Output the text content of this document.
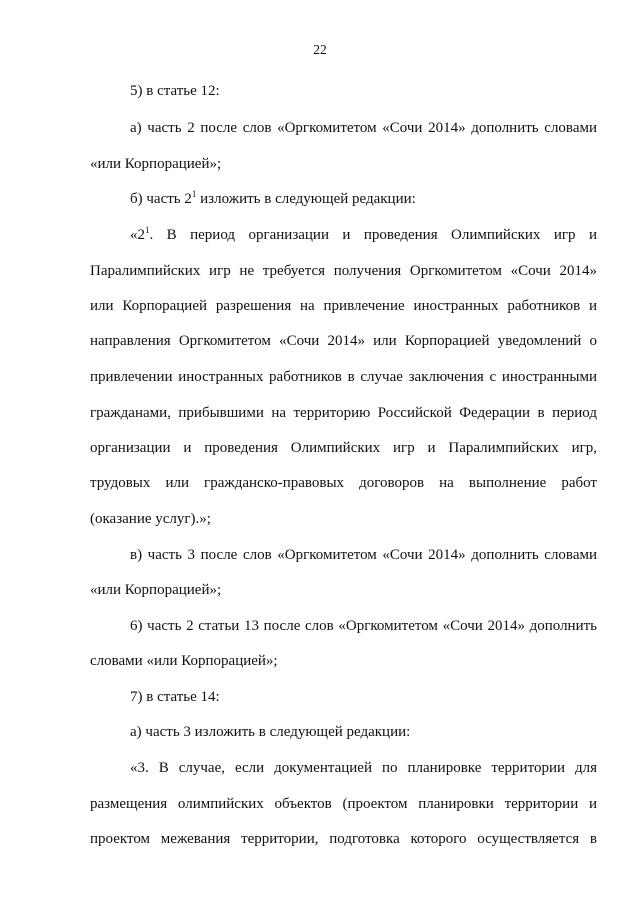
22
5) в статье 12:
а) часть 2 после слов «Оргкомитетом «Сочи 2014» дополнить словами
«или Корпорацией»;
б) часть $2^1$ изложить в следующей редакции:
«$2^1$. В период организации и проведения Олимпийских игр и
Паралимпийских игр не требуется получения Оргкомитетом «Сочи 2014»
или Корпорацией разрешения на привлечение иностранных работников и
направления Оргкомитетом «Сочи 2014» или Корпорацией уведомлений о
привлечении иностранных работников в случае заключения с иностранными
гражданами, прибывшими на территорию Российской Федерации в период
организации и проведения Олимпийских игр и Паралимпийских игр,
трудовых или гражданско-правовых договоров на выполнение работ
(оказание услуг).»;
в) часть 3 после слов «Оргкомитетом «Сочи 2014» дополнить словами
«или Корпорацией»;
6) часть 2 статьи 13 после слов «Оргкомитетом «Сочи 2014» дополнить
словами «или Корпорацией»;
7) в статье 14:
а) часть 3 изложить в следующей редакции:
«3. В случае, если документацией по планировке территории для
размещения олимпийских объектов (проектом планировки территории и
проектом межевания территории, подготовка которого осуществляется в
